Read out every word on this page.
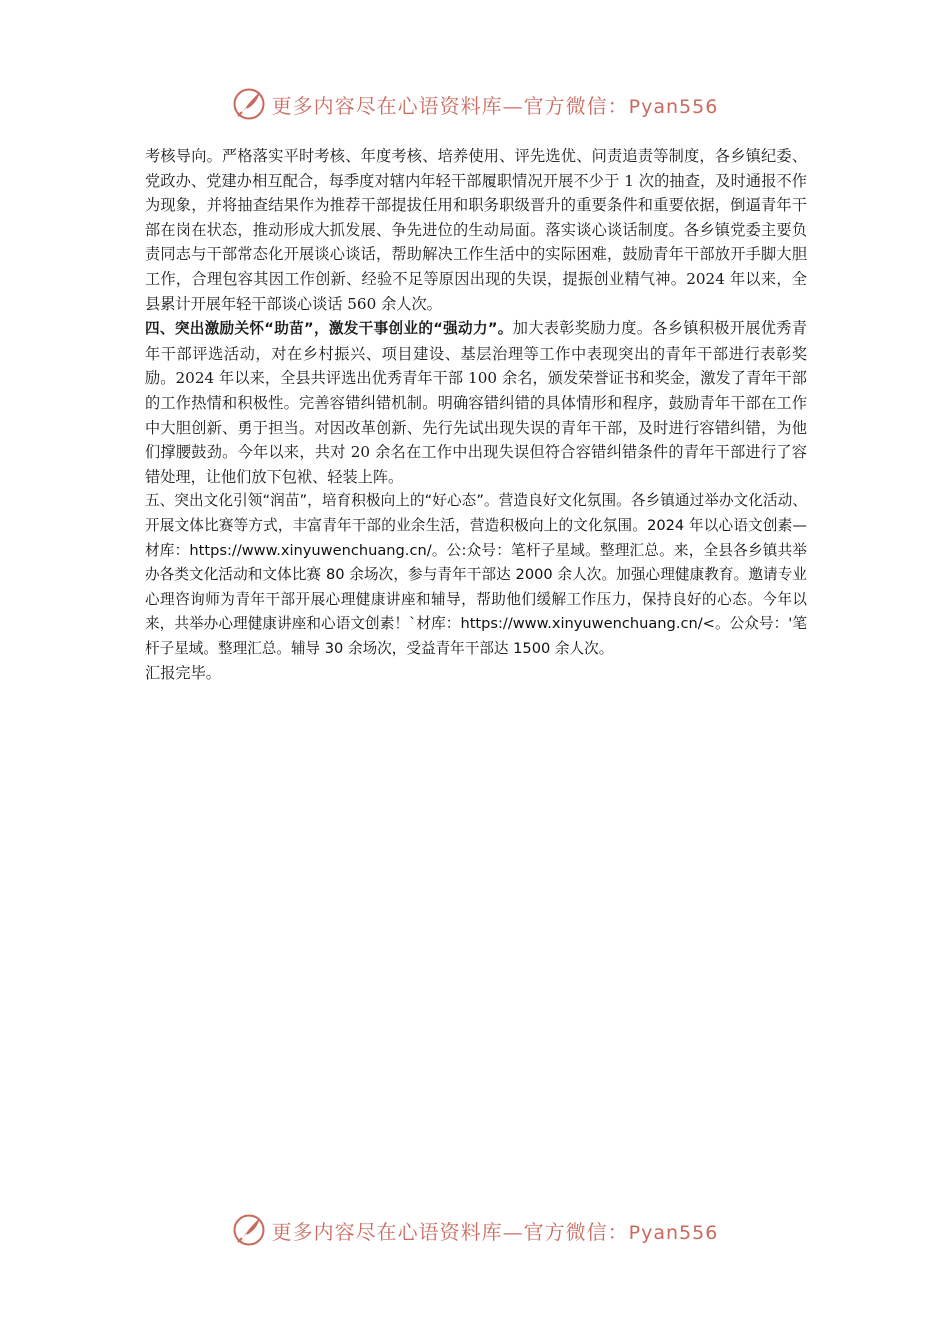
更多内容尽在心语资料库—官方微信：Pyan556

考核导向。严格落实平时考核、年度考核、培养使用、评先选优、问责追责等制度，各乡镇纪委、党政办、党建办相互配合，每季度对辖内年轻干部履职情况开展不少于 1 次的抽查，及时通报不作为现象，并将抽查结果作为推荐干部提拔任用和职务职级晋升的重要条件和重要依据，倒逼青年干部在岗在状态，推动形成大抓发展、争先进位的生动局面。落实谈心谈话制度。各乡镇党委主要负责同志与干部常态化开展谈心谈话，帮助解决工作生活中的实际困难，鼓励青年干部放开手脚大胆工作，合理包容其因工作创新、经验不足等原因出现的失误，提振创业精气神。2024 年以来，全县累计开展年轻干部谈心谈话 560 余人次。

四、突出激励关怀“助苗”，激发干事创业的“强动力”。加大表彰奖励力度。各乡镇积极开展优秀青年干部评选活动，对在乡村振兴、项目建设、基层治理等工作中表现突出的青年干部进行表彰奖励。2024 年以来，全县共评选出优秀青年干部 100 余名，颁发荣誉证书和奖金，激发了青年干部的工作热情和积极性。完善容错纠错机制。明确容错纠错的具体情形和程序，鼓励青年干部在工作中大胆创新、勇于担当。对因改革创新、先行先试出现失误的青年干部，及时进行容错纠错，为他们撑腰鼓劲。今年以来，共对 20 余名在工作中出现失误但符合容错纠错条件的青年干部进行了容错处理，让他们放下包袱、轻装上阵。

五、突出文化引领“润苗”，培育积极向上的“好心态”。营造良好文化氛围。各乡镇通过举办文化活动、开展文体比赛等方式，丰富青年干部的业余生活，营造积极向上的文化氛围。2024 年以心语文创素—材库：https://www.xinyuwenchuang.cn/。公:众号：笔杆子星域。整理汇总。来，全县各乡镇共举办各类文化活动和文体比赛 80 余场次，参与青年干部达 2000 余人次。加强心理健康教育。邀请专业心理咨询师为青年干部开展心理健康讲座和辅导，帮助他们缓解工作压力，保持良好的心态。今年以来，共举办心理健康讲座和心语文创素！`材库：https://www.xinyuwenchuang.cn/<。公众号：'笔杆子星域。整理汇总。辅导 30 余场次，受益青年干部达 1500 余人次。

汇报完毕。

更多内容尽在心语资料库—官方微信：Pyan556
